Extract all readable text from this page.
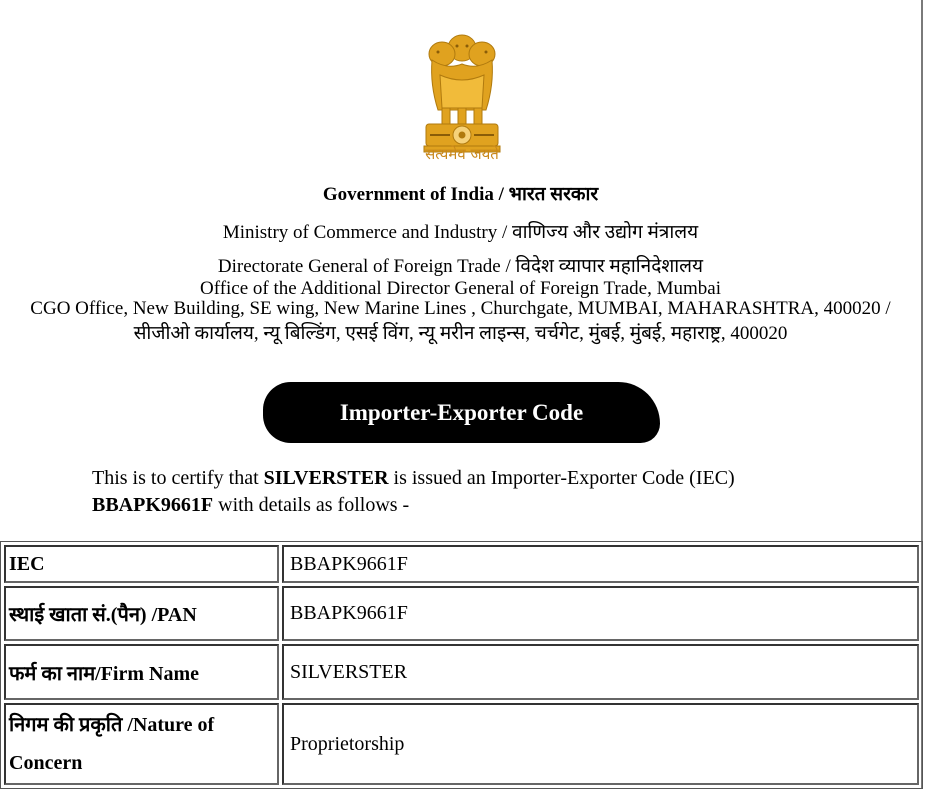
सत्यमेव जयते
Government of India / भारत सरकार
Ministry of Commerce and Industry / वाणिज्य और उद्योग मंत्रालय
Directorate General of Foreign Trade / विदेश व्यापार महानिदेशालय
Office of the Additional Director General of Foreign Trade, Mumbai
CGO Office, New Building, SE wing, New Marine Lines , Churchgate, MUMBAI, MAHARASHTRA, 400020 / सीजीओ कार्यालय, न्यू बिल्डिंग, एसई विंग, न्यू मरीन लाइन्स, चर्चगेट, मुंबई, मुंबई, महाराष्ट्र, 400020
Importer-Exporter Code
This is to certify that SILVERSTER is issued an Importer-Exporter Code (IEC) BBAPK9661F with details as follows -
IEC	BBAPK9661F
स्थाई खाता सं.(पैन) /PAN	BBAPK9661F
फर्म का नाम/Firm Name	SILVERSTER
निगम की प्रकृति /Nature of Concern	Proprietorship
